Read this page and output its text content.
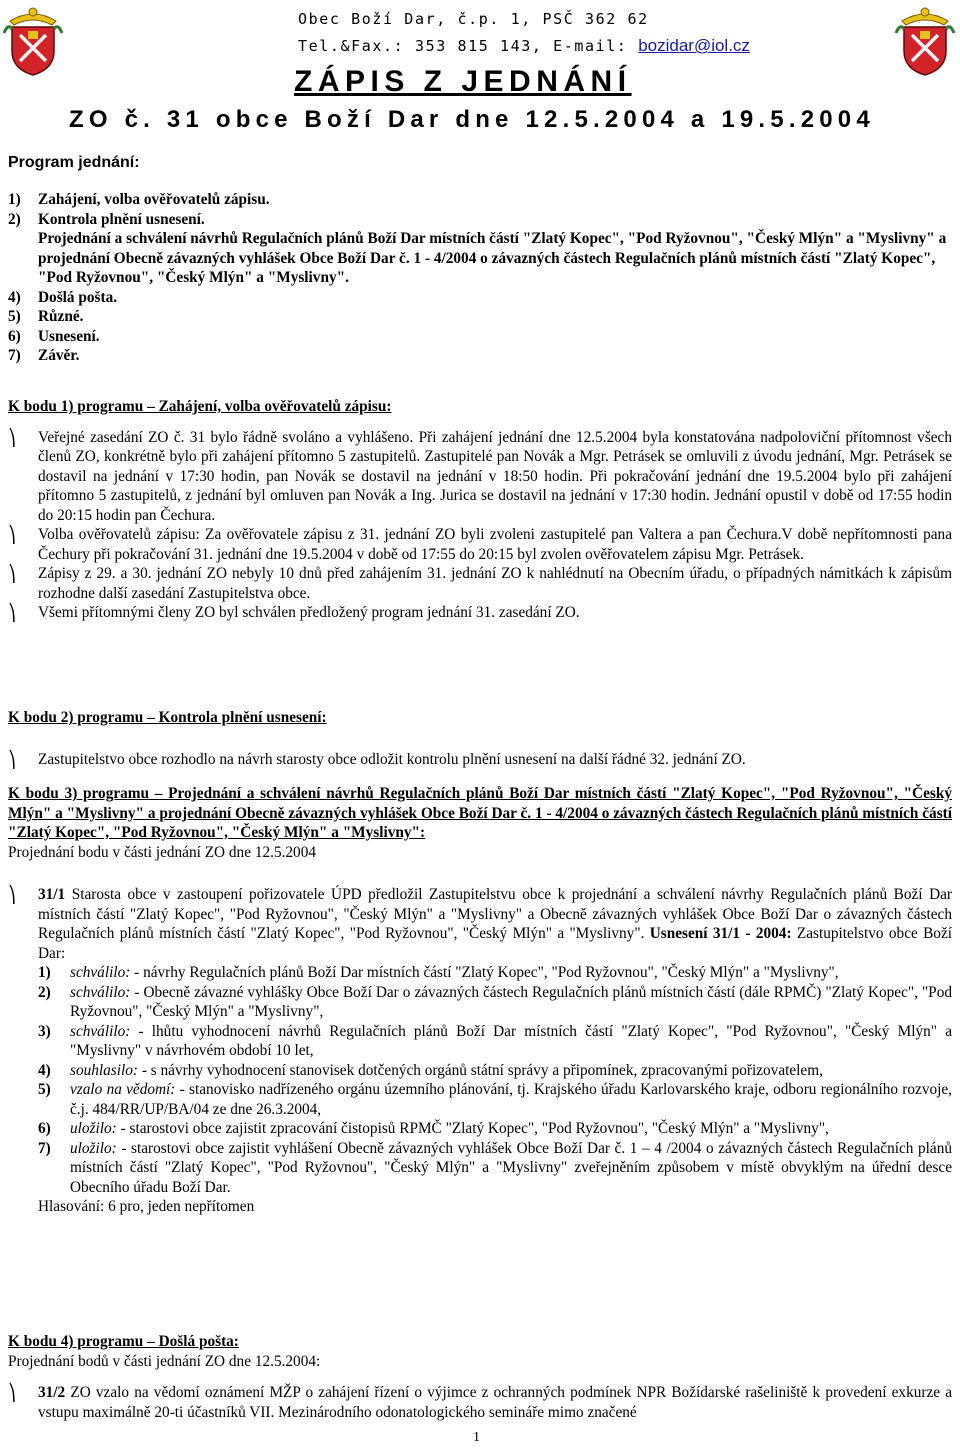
Obec Boží Dar, č.p. 1, PSČ 362 62
Tel.&Fax.: 353 815 143, E-mail: bozidar@iol.cz
ZÁPIS Z JEDNÁNÍ
ZO č. 31 obce Boží Dar dne 12.5.2004 a 19.5.2004
Program jednání:
1) Zahájení, volba ověřovatelů zápisu.
2) Kontrola plnění usnesení.
Projednání a schválení návrhů Regulačních plánů Boží Dar místních částí "Zlatý Kopec", "Pod Ryžovnou", "Český Mlýn" a "Myslivny" a projednání Obecně závazných vyhlášek Obce Boží Dar č. 1 - 4/2004 o závazných částech Regulačních plánů místních částí "Zlatý Kopec", "Pod Ryžovnou", "Český Mlýn" a "Myslivny".
4) Došlá pošta.
5) Různé.
6) Usnesení.
7) Závěr.
K bodu 1) programu – Zahájení, volba ověřovatelů zápisu:
⎞ Veřejné zasedání ZO č. 31 bylo řádně svoláno a vyhlášeno. Při zahájení jednání dne 12.5.2004 byla konstatována nadpoloviční přítomnost všech členů ZO, konkrétně bylo při zahájení přítomno 5 zastupitelů. Zastupitelé pan Novák a Mgr. Petrásek se omluvili z úvodu jednání, Mgr. Petrásek se dostavil na jednání v 17:30 hodin, pan Novák se dostavil na jednání v 18:50 hodin. Při pokračování jednání dne 19.5.2004 bylo při zahájení přítomno 5 zastupitelů, z jednání byl omluven pan Novák a Ing. Jurica se dostavil na jednání v 17:30 hodin. Jednání opustil v době od 17:55 hodin do 20:15 hodin pan Čechura.
⎞ Volba ověřovatelů zápisu: Za ověřovatele zápisu z 31. jednání ZO byli zvoleni zastupitelé pan Valtera a pan Čechura.V době nepřítomnosti pana Čechury při pokračování 31. jednání dne 19.5.2004 v době od 17:55 do 20:15 byl zvolen ověřovatelem zápisu Mgr. Petrásek.
⎞ Zápisy z 29. a 30. jednání ZO nebyly 10 dnů před zahájením 31. jednání ZO k nahlédnutí na Obecním úřadu, o případných námitkách k zápisům rozhodne další zasedání Zastupitelstva obce.
⎞ Všemi přítomnými členy ZO byl schválen předložený program jednání 31. zasedání ZO.
K bodu 2) programu – Kontrola plnění usnesení:
⎞ Zastupitelstvo obce rozhodlo na návrh starosty obce odložit kontrolu plnění usnesení na další řádné 32. jednání ZO.
K bodu 3) programu – Projednání a schválení návrhů Regulačních plánů Boží Dar místních částí "Zlatý Kopec", "Pod Ryžovnou", "Český Mlýn" a "Myslivny" a projednání Obecně závazných vyhlášek Obce Boží Dar č. 1 - 4/2004 o závazných částech Regulačních plánů místních částí "Zlatý Kopec", "Pod Ryžovnou", "Český Mlýn" a "Myslivny":
Projednání bodu v části jednání ZO dne 12.5.2004
⎞ 31/1 Starosta obce v zastoupení pořizovatele ÚPD předložil Zastupitelstvu obce k projednání a schválení návrhy Regulačních plánů Boží Dar místních částí "Zlatý Kopec", "Pod Ryžovnou", "Český Mlýn" a "Myslivny" a Obecně závazných vyhlášek Obce Boží Dar o závazných částech Regulačních plánů místních částí "Zlatý Kopec", "Pod Ryžovnou", "Český Mlýn" a "Myslivny". Usnesení 31/1 - 2004: Zastupitelstvo obce Boží Dar:
1) schválilo: - návrhy Regulačních plánů Boží Dar místních částí "Zlatý Kopec", "Pod Ryžovnou", "Český Mlýn" a "Myslivny",
2) schválilo: - Obecně závazné vyhlášky Obce Boží Dar o závazných částech Regulačních plánů místních částí (dále RPMČ) "Zlatý Kopec", "Pod Ryžovnou", "Český Mlýn" a "Myslivny",
3) schválilo: - lhůtu vyhodnocení návrhů Regulačních plánů Boží Dar místních částí "Zlatý Kopec", "Pod Ryžovnou", "Český Mlýn" a "Myslivny" v návrhovém období 10 let,
4) souhlasilo: - s návrhy vyhodnocení stanovisek dotčených orgánů státní správy a připomínek, zpracovanými pořizovatelem,
5) vzalo na vědomí: - stanovisko nadřízeného orgánu územního plánování, tj. Krajského úřadu Karlovarského kraje, odboru regionálního rozvoje, č.j. 484/RR/UP/BA/04 ze dne 26.3.2004,
6) uložilo: - starostovi obce zajistit zpracování čistopisů RPMČ "Zlatý Kopec", "Pod Ryžovnou", "Český Mlýn" a "Myslivny",
7) uložilo: - starostovi obce zajistit vyhlášení Obecně závazných vyhlášek Obce Boží Dar č. 1 – 4 /2004 o závazných částech Regulačních plánů místních částí "Zlatý Kopec", "Pod Ryžovnou", "Český Mlýn" a "Myslivny" zveřejněním způsobem v místě obvyklým na úřední desce Obecního úřadu Boží Dar.
Hlasování: 6 pro, jeden nepřítomen
K bodu 4) programu – Došlá pošta:
Projednání bodů v části jednání ZO dne 12.5.2004:
⎞ 31/2 ZO vzalo na vědomí oznámení MŽP o zahájení řízení o výjimce z ochranných podmínek NPR Božídarské rašeliniště k provedení exkurze a vstupu maximálně 20-ti účastníků VII. Mezinárodního odonatologického semináře mimo značené
1
